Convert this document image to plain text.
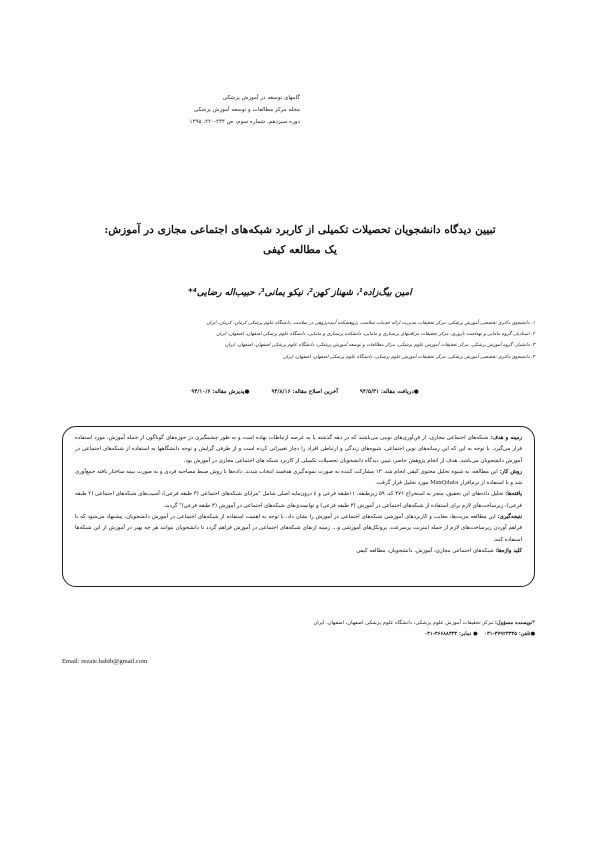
گامهای توسعه در آموزش پزشکی
مجله مرکز مطالعات و توسعه آموزش پزشکی
دوره سیزدهم، شماره سوم، ص ۲۳۴-۲۲۰، ۱۳۹۵
تبیین دیدگاه دانشجویان تحصیلات تکمیلی از کاربرد شبکه‌های اجتماعی مجازی در آموزش:
یک مطالعه کیفی
امین بیگ‌زاده¹، شهناز کهن²، نیکو یمانی³، حبیب‌اله رضایی⁴*
۱. دانشجوی دکتری تخصصی آموزش پزشکی، مرکز تحقیقات مدیریت ارائه خدمات سلامت، پژوهشکده آینده‌پژوهی در سلامت، دانشگاه علوم پزشکی کرمان، کرمان، ایران
۲. استادیار، گروه مامایی و بهداشت باروری، مرکز تحقیقات مراقبتهای پرستاری و مامایی، دانشکده پرستاری و مامایی، دانشگاه علوم پزشکی اصفهان، اصفهان، ایران
۳. دانشیار، گروه آموزش پزشکی، مرکز تحقیقات آموزش علوم پزشکی، مرکز مطالعات و توسعه آموزش پزشکی، دانشگاه علوم پزشکی اصفهان، اصفهان، ایران
۴. دانشجوی دکتری تخصصی آموزش پزشکی، مرکز تحقیقات آموزش علوم پزشکی، دانشگاه علوم پزشکی اصفهان، اصفهان، ایران
●دریافت مقاله: ۹۴/۵/۳۱
آخرین اصلاح مقاله: ۹۴/۸/۱۶
●پذیرش مقاله: ۹۴/۱۰/۶

زمینه و هدف: شبکه‌های اجتماعی مجازی، از فن‌آوری‌های نوینی می‌باشند که در دهه گذشته پا به عرصه ارتباطات نهاده است و به طور چشمگیری در حوزه‌های گوناگون از جمله آموزش، مورد استفاده قرار می‌گیرد. با توجه به این که این رسانه‌های نوین اجتماعی، شیوه‌های زندگی و ارتباطی افراد را دچار تغییراتی کرده است و از طرفی گرایش و توجه دانشگاهها به استفاده از شبکه‌های اجتماعی در آموزش دانشجویان می‌باشد، هدف از انجام پژوهش حاضر، تبیین دیدگاه دانشجویان تحصیلات تکمیلی از کاربرد شبکه های اجتماعی مجازی در آموزش بود.

روش کار: این مطالعه، به شیوه تحلیل محتوی کیفی انجام شد. ۱۳ مشارکت کننده به صورت نمونه‌گیری هدفمند انتخاب شدند. داده‌ها با روش ضبط مصاحبه فردی و به صورت نیمه ساختار یافته جمع‌آوری شد و با استفاده از نرم‌افزار MaxQdata مورد تحلیل قرار گرفت.

یافته‌ها: تحلیل داده‌های این تحقیق، منجر به استخراج ۴۷۶ کد، ۵۹ زیرطبقه، ۱۱طبقه فرعی و ٤ درون‌مایه اصلی شامل "مزایای شبکه‌های اجتماعی (۳ طبقه فرعی)، آسیب‌های شبکه‌های اجتماعی (۲ طبقه فرعی)، زیرساخت‌های لازم برای استفاده از شبکه‌های اجتماعی در آموزش (۳ طبقه فرعی) و توانمندی‌های شبکه‌های اجتماعی در آموزش (۳ طبقه فرعی)" گردید.

نتیجه‌گیری: این مطالعه مزیت‌ها، معایب و کاربردهای آموزشی شبکه‌های اجتماعی در آموزش را نشان داد. با توجه به اهمیت استفاده از شبکه‌های اجتماعی در آموزش دانشجویان، پیشنهاد می‌شود که با فراهم آوردن زیرساخت‌های لازم از جمله اینترنت پرسرعت، پروتکل‌های آموزشی و... زمینه ارتقای شبکه‌های اجتماعی در آموزش فراهم گردد تا دانشجویان بتوانند هر چه بهتر در آموزش از این شبکه‌ها استفاده کنند.

کلید واژه‌ها: شبکه‌های اجتماعی مجازی، آموزش، دانشجویان، مطالعه کیفی

*نویسنده مسؤول: مرکز تحقیقات آموزش علوم پزشکی، دانشگاه علوم پزشکی اصفهان، اصفهان، ایران
●تلفن: ۳۷۹۲۳۳۳۵-۰۳۱    ● نمابر: ۳۶۶۸۸۳۳۳-۰۳۱
Email: rezaie.habib@gmail.com
